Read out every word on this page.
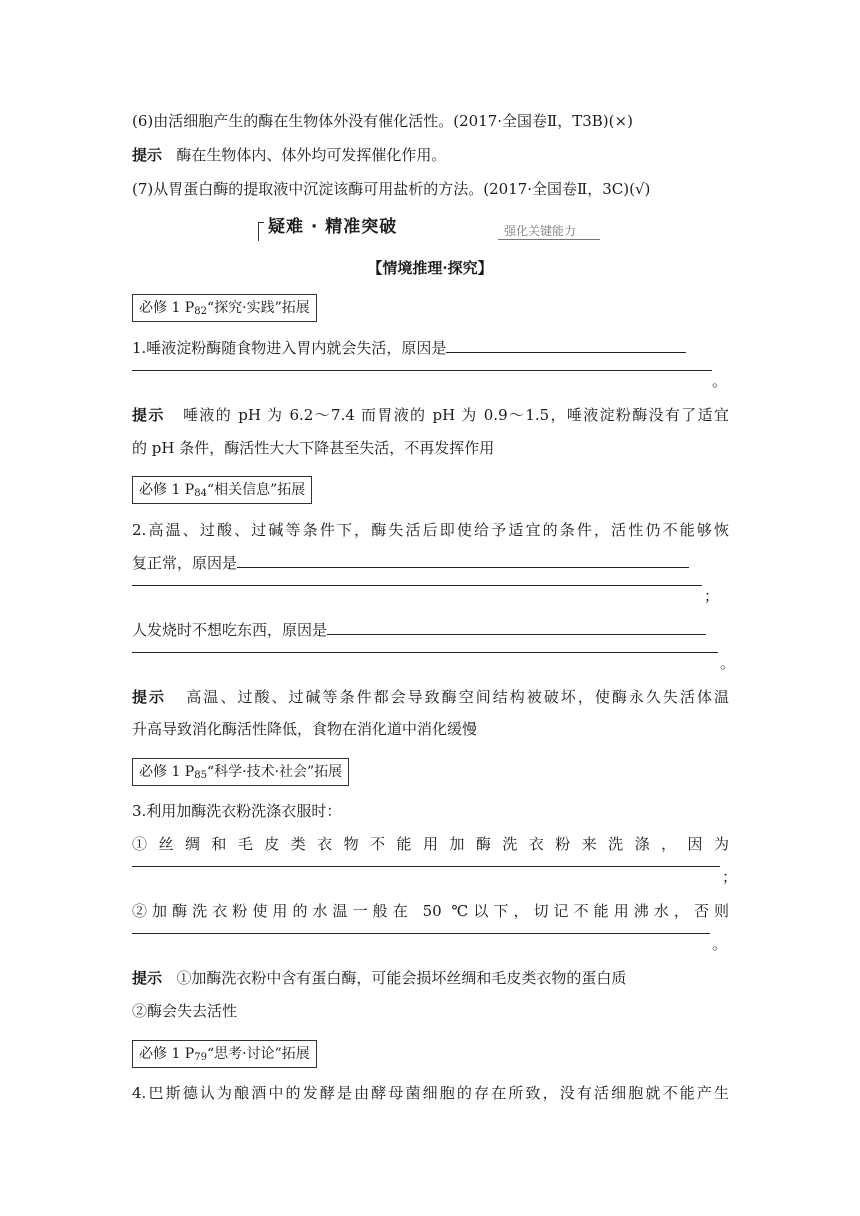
(6)由活细胞产生的酶在生物体外没有催化活性。(2017·全国卷Ⅱ，T3B)(×)
提示 酶在生物体内、体外均可发挥催化作用。
(7)从胃蛋白酶的提取液中沉淀该酶可用盐析的方法。(2017·全国卷Ⅱ，3C)(√)
疑难 · 精准突破	强化关键能力
【情境推理·探究】
必修 1 $P_{82}“$探究·实践”拓展
1.唾液淀粉酶随食物进入胃内就会失活，原因是
。
提示 唾液的 pH 为 6.2～7.4 而胃液的 pH 为 0.9～1.5，唾液淀粉酶没有了适宜
的 pH 条件，酶活性大大下降甚至失活，不再发挥作用
必修 1 $P_{84}“$相关信息”拓展
2.高温、过酸、过碱等条件下，酶失活后即使给予适宜的条件，活性仍不能够恢
复正常，原因是
；
人发烧时不想吃东西，原因是
。
提示 高温、过酸、过碱等条件都会导致酶空间结构被破坏，使酶永久失活体温
升高导致消化酶活性降低，食物在消化道中消化缓慢
必修 1 $P_{85}“$科学·技术·社会”拓展
3.利用加酶洗衣粉洗涤衣服时：
①丝绸和毛皮类衣物不能用加酶洗衣粉来洗涤，因为
；
②加酶洗衣粉使用的水温一般在 50 ℃以下，切记不能用沸水，否则
。
提示 ①加酶洗衣粉中含有蛋白酶，可能会损坏丝绸和毛皮类衣物的蛋白质
②酶会失去活性
必修 1 $P_{79}“$思考·讨论”拓展
4.巴斯德认为酿酒中的发酵是由酵母菌细胞的存在所致，没有活细胞就不能产生
